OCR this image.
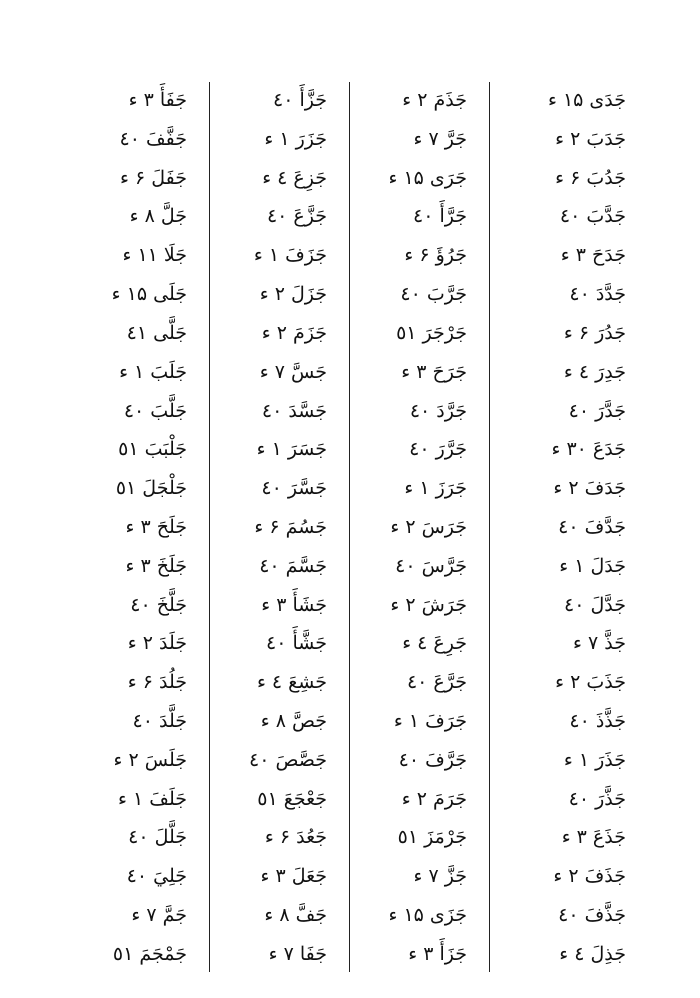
جَدَى ۱۵ ء
جَدَبَ ۲ ء
جَدُبَ ۶ ء
جَدَّبَ ٤٠
جَدَحَ ۳ ء
جَدَّدَ ٤٠
جَدُرَ ۶ ء
جَدِرَ ٤ ء
جَدَّرَ ٤٠
جَدَعَ ۳٠ ء
جَدَفَ ۲ ء
جَدَّفَ ٤٠
جَدَلَ ۱ ء
جَدَّلَ ٤٠
جَذَّ ۷ ء
جَذَبَ ۲ ء
جَذَّذَ ٤٠
جَذَرَ ۱ ء
جَذَّرَ ٤٠
جَذَعَ ۳ ء
جَذَفَ ۲ ء
جَذَّفَ ٤٠
جَذِلَ ٤ ء
جَذَمَ ۲ ء
جَرَّ ۷ ء
جَرَى ۱۵ ء
جَرَّأَ ٤٠
جَرُؤَ ۶ ء
جَرَّبَ ٤٠
جَرْجَرَ ٥١
جَرَحَ ۳ ء
جَرَّدَ ٤٠
جَرَّرَ ٤٠
جَرَزَ ۱ ء
جَرَسَ ۲ ء
جَرَّسَ ٤٠
جَرَشَ ۲ ء
جَرِعَ ٤ ء
جَرَّعَ ٤٠
جَرَفَ ۱ ء
جَرَّفَ ٤٠
جَرَمَ ۲ ء
جَرْمَزَ ٥١
جَزَّ ۷ ء
جَزَى ۱۵ ء
جَزَأَ ۳ ء
جَزَّأَ ٤٠
جَزَرَ ۱ ء
جَزِعَ ٤ ء
جَزَّعَ ٤٠
جَزَفَ ۱ ء
جَزَلَ ۲ ء
جَزَمَ ۲ ء
جَسَّ ۷ ء
جَسَّدَ ٤٠
جَسَرَ ۱ ء
جَسَّرَ ٤٠
جَسُمَ ۶ ء
جَسَّمَ ٤٠
جَشَأَ ۳ ء
جَشَّأَ ٤٠
جَشِعَ ٤ ء
جَصَّ ۸ ء
جَصَّصَ ٤٠
جَعْجَعَ ٥١
جَعُدَ ۶ ء
جَعَلَ ۳ ء
جَفَّ ۸ ء
جَفَا ۷ ء
جَفَأَ ۳ ء
جَفَّفَ ٤٠
جَفَلَ ۶ ء
جَلَّ ۸ ء
جَلَا ۱۱ ء
جَلَى ۱۵ ء
جَلَّى ٤١
جَلَبَ ۱ ء
جَلَّبَ ٤٠
جَلْبَبَ ٥١
جَلْجَلَ ٥١
جَلَحَ ۳ ء
جَلَخَ ۳ ء
جَلَّخَ ٤٠
جَلَدَ ۲ ء
جَلُدَ ۶ ء
جَلَّدَ ٤٠
جَلَسَ ۲ ء
جَلَفَ ۱ ء
جَلَّلَ ٤٠
جَلِيَ ٤٠
جَمَّ ۷ ء
جَمْجَمَ ٥١
